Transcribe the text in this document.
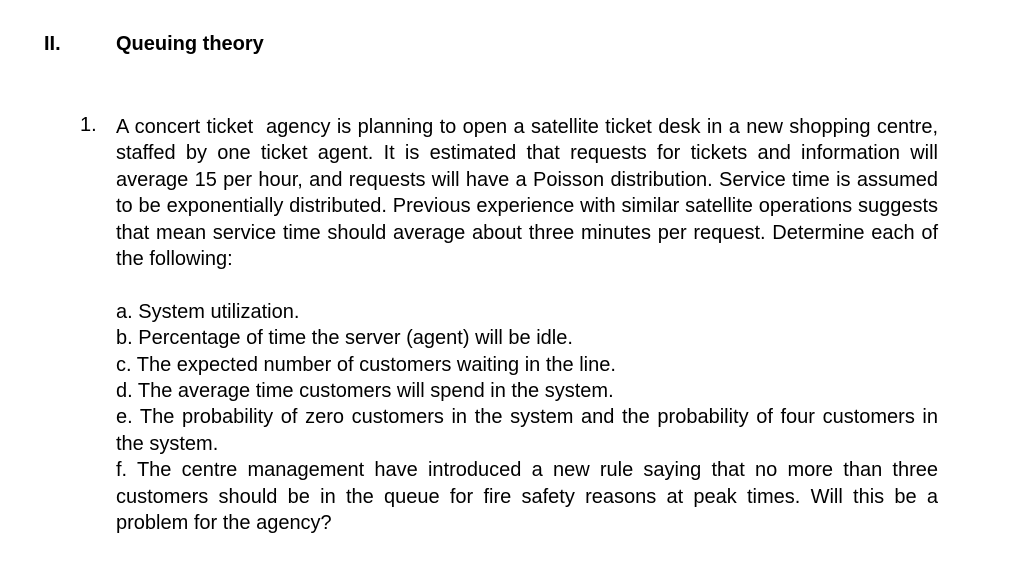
II.	Queuing theory
1. A concert ticket  agency is planning to open a satellite ticket desk in a new shopping centre, staffed by one ticket agent. It is estimated that requests for tickets and information will average 15 per hour, and requests will have a Poisson distribution. Service time is assumed to be exponentially distributed. Previous experience with similar satellite operations suggests that mean service time should average about three minutes per request. Determine each of the following:

a. System utilization.

b. Percentage of time the server (agent) will be idle.

c. The expected number of customers waiting in the line.

d. The average time customers will spend in the system.

e. The probability of zero customers in the system and the probability of four customers in the system.

f. The centre management have introduced a new rule saying that no more than three customers should be in the queue for fire safety reasons at peak times. Will this be a problem for the agency?
